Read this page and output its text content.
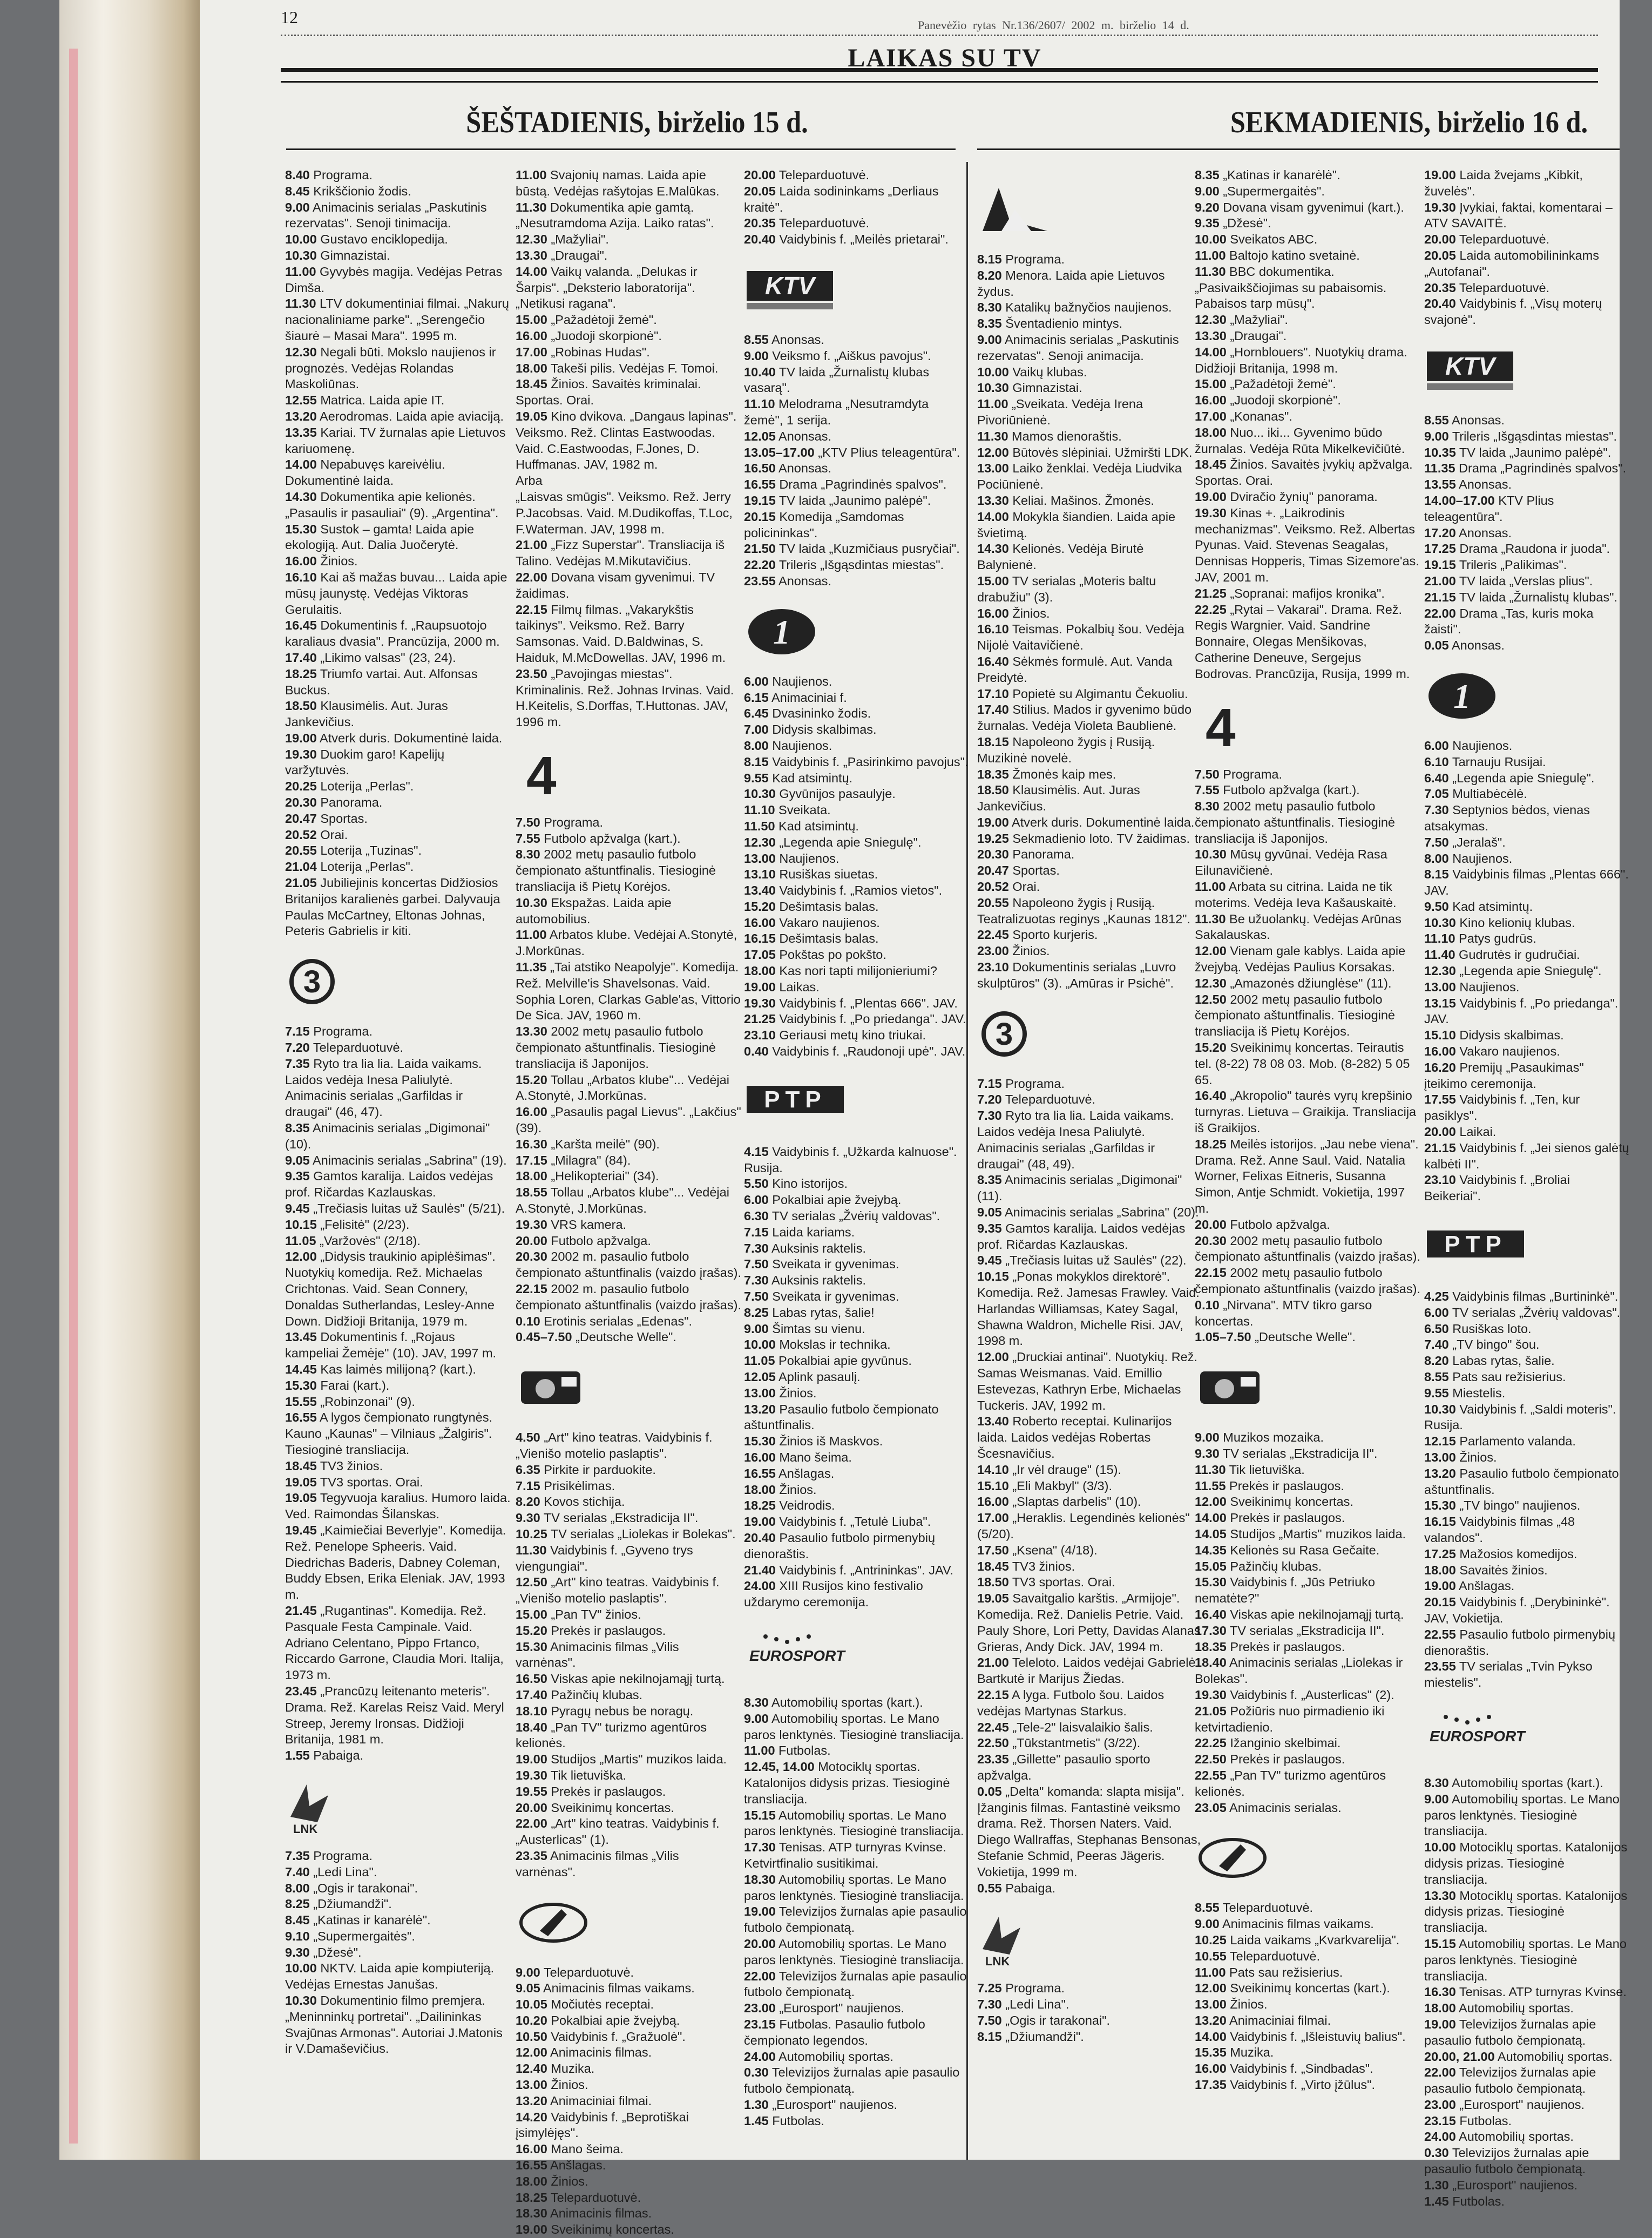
12	Panevėžio rytas Nr.136/2607/ 2002 m. birželio 14 d.
LAIKAS SU TV
ŠEŠTADIENIS, birželio 15 d.	SEKMADIENIS, birželio 16 d.

8.40 Programa.

8.45 Krikščionio žodis.

9.00 Animacinis serialas „Paskutinis rezervatas". Senoji tinimacija.

10.00 Gustavo enciklopedija.

10.30 Gimnazistai.

11.00 Gyvybės magija. Vedėjas Petras Dimša.

11.30 LTV dokumentiniai filmai. „Nakurų nacionaliniame parke". „Serengečio šiaurė – Masai Mara". 1995 m.

12.30 Negali būti. Mokslo naujienos ir prognozės. Vedėjas Rolandas Maskoliūnas.

12.55 Matrica. Laida apie IT.

13.20 Aerodromas. Laida apie aviaciją.

13.35 Kariai. TV žurnalas apie Lietuvos kariuomenę.

14.00 Nepabuvęs kareivėliu. Dokumentinė laida.

14.30 Dokumentika apie kelionės. „Pasaulis ir pasauliai" (9). „Argentina".

15.30 Sustok – gamta! Laida apie ekologiją. Aut. Dalia Juočerytė.

16.00 Žinios.

16.10 Kai aš mažas buvau... Laida apie mūsų jaunystę. Vedėjas Viktoras Gerulaitis.

16.45 Dokumentinis f. „Raupsuotojo karaliaus dvasia". Prancūzija, 2000 m.

17.40 „Likimo valsas" (23, 24).

18.25 Triumfo vartai. Aut. Alfonsas Buckus.

18.50 Klausimėlis. Aut. Juras Jankevičius.

19.00 Atverk duris. Dokumentinė laida.

19.30 Duokim garo! Kapelijų varžytuvės.

20.25 Loterija „Perlas".

20.30 Panorama.

20.47 Sportas.

20.52 Orai.

20.55 Loterija „Tuzinas".

21.04 Loterija „Perlas".

21.05 Jubiliejinis koncertas Didžiosios Britanijos karalienės garbei. Dalyvauja Paulas McCartney, Eltonas Johnas, Peteris Gabrielis ir kiti.

3

7.15 Programa.

7.20 Teleparduotuvė.

7.35 Ryto tra lia lia. Laida vaikams. Laidos vedėja Inesa Paliulytė. Animacinis serialas „Garfildas ir draugai" (46, 47).

8.35 Animacinis serialas „Digimonai" (10).

9.05 Animacinis serialas „Sabrina" (19).

9.35 Gamtos karalija. Laidos vedėjas prof. Ričardas Kazlauskas.

9.45 „Trečiasis luitas už Saulės" (5/21).

10.15 „Felisitė" (2/23).

11.05 „Varžovės" (2/18).

12.00 „Didysis traukinio apiplėšimas". Nuotykių komedija. Rež. Michaelas Crichtonas. Vaid. Sean Connery, Donaldas Sutherlandas, Lesley-Anne Down. Didžioji Britanija, 1979 m.

13.45 Dokumentinis f. „Rojaus kampeliai Žemėje" (10). JAV, 1997 m.

14.45 Kas laimės milijoną? (kart.).

15.30 Farai (kart.).

15.55 „Robinzonai" (9).

16.55 A lygos čempionato rungtynės. Kauno „Kaunas" – Vilniaus „Žalgiris". Tiesioginė transliacija.

18.45 TV3 žinios.

19.05 TV3 sportas. Orai.

19.05 Tegyvuoja karalius. Humoro laida. Ved. Raimondas Šilanskas.

19.45 „Kaimiečiai Beverlyje". Komedija. Rež. Penelope Spheeris. Vaid. Diedrichas Baderis, Dabney Coleman, Buddy Ebsen, Erika Eleniak. JAV, 1993 m.

21.45 „Rugantinas". Komedija. Rež. Pasquale Festa Campinale. Vaid. Adriano Celentano, Pippo Frtanco, Riccardo Garrone, Claudia Mori. Italija, 1973 m.

23.45 „Prancūzų leitenanto meteris". Drama. Rež. Karelas Reisz Vaid. Meryl Streep, Jeremy Ironsas. Didžioji Britanija, 1981 m.

1.55 Pabaiga.

LNK

7.35 Programa.

7.40 „Ledi Lina".

8.00 „Ogis ir tarakonai".

8.25 „Džiumandži".

8.45 „Katinas ir kanarėlė".

9.10 „Supermergaitės".

9.30 „Džesė".

10.00 NKTV. Laida apie kompiuteriją. Vedėjas Ernestas Janušas.

10.30 Dokumentinio filmo premjera. „Meninninkų portretai". „Dailininkas Svajūnas Armonas". Autoriai J.Matonis ir V.Damaševičius.

11.00 Svajonių namas. Laida apie būstą. Vedėjas rašytojas E.Malūkas.

11.30 Dokumentika apie gamtą. „Nesutramdoma Azija. Laiko ratas".

12.30 „Mažyliai".

13.30 „Draugai".

14.00 Vaikų valanda. „Delukas ir Šarpis". „Deksterio laboratorija". „Netikusi ragana".

15.00 „Pažadėtoji žemė".

16.00 „Juodoji skorpionė".

17.00 „Robinas Hudas".

18.00 Takeši pilis. Vedėjas F. Tomoi.

18.45 Žinios. Savaitės kriminalai. Sportas. Orai.

19.05 Kino dvikova. „Dangaus lapinas". Veiksmo. Rež. Clintas Eastwoodas. Vaid. C.Eastwoodas, F.Jones, D. Huffmanas. JAV, 1982 m.

Arba

„Laisvas smūgis". Veiksmo. Rež. Jerry P.Jacobsas. Vaid. M.Dudikoffas, T.Loc, F.Waterman. JAV, 1998 m.

21.00 „Fizz Superstar". Transliacija iš Talino. Vedėjas M.Mikutavičius.

22.00 Dovana visam gyvenimui. TV žaidimas.

22.15 Filmų filmas. „Vakarykštis taikinys". Veiksmo. Rež. Barry Samsonas. Vaid. D.Baldwinas, S. Haiduk, M.McDowellas. JAV, 1996 m.

23.50 „Pavojingas miestas". Kriminalinis. Rež. Johnas Irvinas. Vaid. H.Keitelis, S.Dorffas, T.Huttonas. JAV, 1996 m.

4

7.50 Programa.

7.55 Futbolo apžvalga (kart.).

8.30 2002 metų pasaulio futbolo čempionato aštuntfinalis. Tiesioginė transliacija iš Pietų Korėjos.

10.30 Ekspažas. Laida apie automobilius.

11.00 Arbatos klube. Vedėjai A.Stonytė, J.Morkūnas.

11.35 „Tai atstiko Neapolyje". Komedija. Rež. Melville'is Shavelsonas. Vaid. Sophia Loren, Clarkas Gable'as, Vittorio De Sica. JAV, 1960 m.

13.30 2002 metų pasaulio futbolo čempionato aštuntfinalis. Tiesioginė transliacija iš Japonijos.

15.20 Tollau „Arbatos klube"... Vedėjai A.Stonytė, J.Morkūnas.

16.00 „Pasaulis pagal Lievus". „Lakčius" (39).

16.30 „Karšta meilė" (90).

17.15 „Milagra" (84).

18.00 „Helikopteriai" (34).

18.55 Tollau „Arbatos klube"... Vedėjai A.Stonytė, J.Morkūnas.

19.30 VRS kamera.

20.00 Futbolo apžvalga.

20.30 2002 m. pasaulio futbolo čempionato aštuntfinalis (vaizdo įrašas).

22.15 2002 m. pasaulio futbolo čempionato aštuntfinalis (vaizdo įrašas).

0.10 Erotinis serialas „Edenas".

0.45–7.50 „Deutsche Welle".

4.50 „Art" kino teatras. Vaidybinis f. „Vienišo motelio paslaptis".

6.35 Pirkite ir parduokite.

7.15 Prisikėlimas.

8.20 Kovos stichija.

9.30 TV serialas „Ekstradicija II".

10.25 TV serialas „Liolekas ir Bolekas".

11.30 Vaidybinis f. „Gyveno trys viengungiai".

12.50 „Art" kino teatras. Vaidybinis f. „Vienišo motelio paslaptis".

15.00 „Pan TV" žinios.

15.20 Prekės ir paslaugos.

15.30 Animacinis filmas „Vilis varnėnas".

16.50 Viskas apie nekilnojamąjį turtą.

17.40 Pažinčių klubas.

18.10 Pyragų nebus be noragų.

18.40 „Pan TV" turizmo agentūros kelionės.

19.00 Studijos „Martis" muzikos laida.

19.30 Tik lietuviška.

19.55 Prekės ir paslaugos.

20.00 Sveikinimų koncertas.

22.00 „Art" kino teatras. Vaidybinis f. „Austerlicas" (1).

23.35 Animacinis filmas „Vilis varnėnas".

9.00 Teleparduotuvė.

9.05 Animacinis filmas vaikams.

10.05 Močiutės receptai.

10.20 Pokalbiai apie žvejybą.

10.50 Vaidybinis f. „Gražuolė".

12.00 Animacinis filmas.

12.40 Muzika.

13.00 Žinios.

13.20 Animaciniai filmai.

14.20 Vaidybinis f. „Beprotiškai įsimylėjęs".

16.00 Mano šeima.

16.55 Anšlagas.

18.00 Žinios.

18.25 Teleparduotuvė.

18.30 Animacinis filmas.

19.00 Sveikinimų koncertas.

20.00 Teleparduotuvė.

20.05 Laida sodininkams „Derliaus kraitė".

20.35 Teleparduotuvė.

20.40 Vaidybinis f. „Meilės prietarai".

KTV

8.55 Anonsas.

9.00 Veiksmo f. „Aiškus pavojus".

10.40 TV laida „Žurnalistų klubas vasarą".

11.10 Melodrama „Nesutramdyta žemė", 1 serija.

12.05 Anonsas.

13.05–17.00 „KTV Plius teleagentūra".

16.50 Anonsas.

16.55 Drama „Pagrindinės spalvos".

19.15 TV laida „Jaunimo palėpė".

20.15 Komedija „Samdomas policininkas".

21.50 TV laida „Kuzmičiaus pusryčiai".

22.20 Trileris „Išgąsdintas miestas".

23.55 Anonsas.

1

6.00 Naujienos.

6.15 Animaciniai f.

6.45 Dvasininko žodis.

7.00 Didysis skalbimas.

8.00 Naujienos.

8.15 Vaidybinis f. „Pasirinkimo pavojus".

9.55 Kad atsimintų.

10.30 Gyvūnijos pasaulyje.

11.10 Sveikata.

11.50 Kad atsimintų.

12.30 „Legenda apie Sniegulę".

13.00 Naujienos.

13.10 Rusiškas siuetas.

13.40 Vaidybinis f. „Ramios vietos".

15.20 Dešimtasis balas.

16.00 Vakaro naujienos.

16.15 Dešimtasis balas.

17.05 Pokštas po pokšto.

18.00 Kas nori tapti milijonieriumi?

19.00 Laikas.

19.30 Vaidybinis f. „Plentas 666". JAV.

21.25 Vaidybinis f. „Po priedanga". JAV.

23.10 Geriausi metų kino triukai.

0.40 Vaidybinis f. „Raudonoji upė". JAV.

PTP

4.15 Vaidybinis f. „Užkarda kalnuose". Rusija.

5.50 Kino istorijos.

6.00 Pokalbiai apie žvejybą.

6.30 TV serialas „Žvėrių valdovas".

7.15 Laida kariams.

7.30 Auksinis raktelis.

7.50 Sveikata ir gyvenimas.

7.30 Auksinis raktelis.

7.50 Sveikata ir gyvenimas.

8.25 Labas rytas, šalie!

9.00 Šimtas su vienu.

10.00 Mokslas ir technika.

11.05 Pokalbiai apie gyvūnus.

12.05 Aplink pasaulį.

13.00 Žinios.

13.20 Pasaulio futbolo čempionato aštuntfinalis.

15.30 Žinios iš Maskvos.

16.00 Mano šeima.

16.55 Anšlagas.

18.00 Žinios.

18.25 Veidrodis.

19.00 Vaidybinis f. „Tetulė Liuba".

20.40 Pasaulio futbolo pirmenybių dienoraštis.

21.40 Vaidybinis f. „Antrininkas". JAV.

24.00 XIII Rusijos kino festivalio uždarymo ceremonija.

EUROSPORT

8.30 Automobilių sportas (kart.).

9.00 Automobilių sportas. Le Mano paros lenktynės. Tiesioginė transliacija.

11.00 Futbolas.

12.45, 14.00 Motociklų sportas. Katalonijos didysis prizas. Tiesioginė transliacija.

15.15 Automobilių sportas. Le Mano paros lenktynės. Tiesioginė transliacija.

17.30 Tenisas. ATP turnyras Kvinse. Ketvirtfinalio susitikimai.

18.30 Automobilių sportas. Le Mano paros lenktynės. Tiesioginė transliacija.

19.00 Televizijos žurnalas apie pasaulio futbolo čempionatą.

20.00 Automobilių sportas. Le Mano paros lenktynės. Tiesioginė transliacija.

22.00 Televizijos žurnalas apie pasaulio futbolo čempionatą.

23.00 „Eurosport" naujienos.

23.15 Futbolas. Pasaulio futbolo čempionato legendos.

24.00 Automobilių sportas.

0.30 Televizijos žurnalas apie pasaulio futbolo čempionatą.

1.30 „Eurosport" naujienos.

1.45 Futbolas.

8.15 Programa.

8.20 Menora. Laida apie Lietuvos žydus.

8.30 Katalikų bažnyčios naujienos.

8.35 Šventadienio mintys.

9.00 Animacinis serialas „Paskutinis rezervatas". Senoji animacija.

10.00 Vaikų klubas.

10.30 Gimnazistai.

11.00 „Sveikata. Vedėja Irena Pivoriūnienė.

11.30 Mamos dienoraštis.

12.00 Būtovės slėpiniai. Užmiršti LDK.

13.00 Laiko ženklai. Vedėja Liudvika Pociūnienė.

13.30 Keliai. Mašinos. Žmonės.

14.00 Mokykla šiandien. Laida apie švietimą.

14.30 Kelionės. Vedėja Birutė Balynienė.

15.00 TV serialas „Moteris baltu drabužiu" (3).

16.00 Žinios.

16.10 Teismas. Pokalbių šou. Vedėja Nijolė Vaitavičienė.

16.40 Sėkmės formulė. Aut. Vanda Preidytė.

17.10 Popietė su Algimantu Čekuoliu.

17.40 Stilius. Mados ir gyvenimo būdo žurnalas. Vedėja Violeta Baublienė.

18.15 Napoleono žygis į Rusiją. Muzikinė novelė.

18.35 Žmonės kaip mes.

18.50 Klausimėlis. Aut. Juras Jankevičius.

19.00 Atverk duris. Dokumentinė laida.

19.25 Sekmadienio loto. TV žaidimas.

20.30 Panorama.

20.47 Sportas.

20.52 Orai.

20.55 Napoleono žygis į Rusiją. Teatralizuotas reginys „Kaunas 1812".

22.45 Sporto kurjeris.

23.00 Žinios.

23.10 Dokumentinis serialas „Luvro skulptūros" (3). „Amūras ir Psichė".

3

7.15 Programa.

7.20 Teleparduotuvė.

7.30 Ryto tra lia lia. Laida vaikams. Laidos vedėja Inesa Paliulytė. Animacinis serialas „Garfildas ir draugai" (48, 49).

8.35 Animacinis serialas „Digimonai" (11).

9.05 Animacinis serialas „Sabrina" (20).

9.35 Gamtos karalija. Laidos vedėjas prof. Ričardas Kazlauskas.

9.45 „Trečiasis luitas už Saulės" (22).

10.15 „Ponas mokyklos direktorė". Komedija. Rež. Jamesas Frawley. Vaid. Harlandas Williamsas, Katey Sagal, Shawna Waldron, Michelle Risi. JAV, 1998 m.

12.00 „Druckiai antinai". Nuotykių. Rež. Samas Weismanas. Vaid. Emillio Estevezas, Kathryn Erbe, Michaelas Tuckeris. JAV, 1992 m.

13.40 Roberto receptai. Kulinarijos laida. Laidos vedėjas Robertas Šcesnavičius.

14.10 „Ir vėl drauge" (15).

15.10 „Eli Makbyl" (3/3).

16.00 „Slaptas darbelis" (10).

17.00 „Heraklis. Legendinės kelionės" (5/20).

17.50 „Ksena" (4/18).

18.45 TV3 žinios.

18.50 TV3 sportas. Orai.

19.05 Savaitgalio karštis. „Armijoje". Komedija. Rež. Danielis Petrie. Vaid. Pauly Shore, Lori Petty, Davidas Alanas Grieras, Andy Dick. JAV, 1994 m.

21.00 Teleloto. Laidos vedėjai Gabrielė Bartkutė ir Marijus Žiedas.

22.15 A lyga. Futbolo šou. Laidos vedėjas Martynas Starkus.

22.45 „Tele-2" laisvalaikio šalis.

22.50 „Tūkstantmetis" (3/22).

23.35 „Gillette" pasaulio sporto apžvalga.

0.05 „Delta" komanda: slapta misija". Įžanginis filmas. Fantastinė veiksmo drama. Rež. Thorsen Naters. Vaid. Diego Wallraffas, Stephanas Bensonas, Stefanie Schmid, Peeras Jägeris. Vokietija, 1999 m.

0.55 Pabaiga.

LNK

7.25 Programa.

7.30 „Ledi Lina".

7.50 „Ogis ir tarakonai".

8.15 „Džiumandži".

8.35 „Katinas ir kanarėlė".

9.00 „Supermergaitės".

9.20 Dovana visam gyvenimui (kart.).

9.35 „Džesė".

10.00 Sveikatos ABC.

11.00 Baltojo katino svetainė.

11.30 BBC dokumentika. „Pasivaikščiojimas su pabaisomis. Pabaisos tarp mūsų".

12.30 „Mažyliai".

13.30 „Draugai".

14.00 „Hornblouers". Nuotykių drama. Didžioji Britanija, 1998 m.

15.00 „Pažadėtoji žemė".

16.00 „Juodoji skorpionė".

17.00 „Konanas".

18.00 Nuo... iki... Gyvenimo būdo žurnalas. Vedėja Rūta Mikelkevičiūtė.

18.45 Žinios. Savaitės įvykių apžvalga. Sportas. Orai.

19.00 Dviračio žynių" panorama.

19.30 Kinas +. „Laikrodinis mechanizmas". Veiksmo. Rež. Albertas Pyunas. Vaid. Stevenas Seagalas, Dennisas Hopperis, Timas Sizemore'as. JAV, 2001 m.

21.25 „Sopranai: mafijos kronika".

22.25 „Rytai – Vakarai". Drama. Rež. Regis Wargnier. Vaid. Sandrine Bonnaire, Olegas Menšikovas, Catherine Deneuve, Sergejus Bodrovas. Prancūzija, Rusija, 1999 m.

4

7.50 Programa.

7.55 Futbolo apžvalga (kart.).

8.30 2002 metų pasaulio futbolo čempionato aštuntfinalis. Tiesioginė transliacija iš Japonijos.

10.30 Mūsų gyvūnai. Vedėja Rasa Eilunavičienė.

11.00 Arbata su citrina. Laida ne tik moterims. Vedėja Ieva Kašauskaitė.

11.30 Be užuolankų. Vedėjas Arūnas Sakalauskas.

12.00 Vienam gale kablys. Laida apie žvejybą. Vedėjas Paulius Korsakas.

12.30 „Amazonės džiunglėse" (11).

12.50 2002 metų pasaulio futbolo čempionato aštuntfinalis. Tiesioginė transliacija iš Pietų Korėjos.

15.20 Sveikinimų koncertas. Teirautis tel. (8-22) 78 08 03. Mob. (8-282) 5 05 65.

16.40 „Akropolio" taurės vyrų krepšinio turnyras. Lietuva – Graikija. Transliacija iš Graikijos.

18.25 Meilės istorijos. „Jau nebe viena". Drama. Rež. Anne Saul. Vaid. Natalia Worner, Felixas Eitneris, Susanna Simon, Antje Schmidt. Vokietija, 1997 m.

20.00 Futbolo apžvalga.

20.30 2002 metų pasaulio futbolo čempionato aštuntfinalis (vaizdo įrašas).

22.15 2002 metų pasaulio futbolo čempionato aštuntfinalis (vaizdo įrašas).

0.10 „Nirvana". MTV tikro garso koncertas.

1.05–7.50 „Deutsche Welle".

9.00 Muzikos mozaika.

9.30 TV serialas „Ekstradicija II".

11.30 Tik lietuviška.

11.55 Prekės ir paslaugos.

12.00 Sveikinimų koncertas.

14.00 Prekės ir paslaugos.

14.05 Studijos „Martis" muzikos laida.

14.35 Kelionės su Rasa Gečaite.

15.05 Pažinčių klubas.

15.30 Vaidybinis f. „Jūs Petriuko nematėte?"

16.40 Viskas apie nekilnojamąjį turtą.

17.30 TV serialas „Ekstradicija II".

18.35 Prekės ir paslaugos.

18.40 Animacinis serialas „Liolekas ir Bolekas".

19.30 Vaidybinis f. „Austerlicas" (2).

21.05 Požiūris nuo pirmadienio iki ketvirtadienio.

22.25 Ižanginio skelbimai.

22.50 Prekės ir paslaugos.

22.55 „Pan TV" turizmo agentūros kelionės.

23.05 Animacinis serialas.

8.55 Teleparduotuvė.

9.00 Animacinis filmas vaikams.

10.25 Laida vaikams „Kvarkvarelija".

10.55 Teleparduotuvė.

11.00 Pats sau režisierius.

12.00 Sveikinimų koncertas (kart.).

13.00 Žinios.

13.20 Animaciniai filmai.

14.00 Vaidybinis f. „Išleistuvių balius".

15.35 Muzika.

16.00 Vaidybinis f. „Sindbadas".

17.35 Vaidybinis f. „Virto įžūlus".

19.00 Laida žvejams „Kibkit, žuvelės".

19.30 Įvykiai, faktai, komentarai – ATV SAVAITĖ.

20.00 Teleparduotuvė.

20.05 Laida automobilininkams „Autofanai".

20.35 Teleparduotuvė.

20.40 Vaidybinis f. „Visų moterų svajonė".

KTV

8.55 Anonsas.

9.00 Trileris „Išgąsdintas miestas".

10.35 TV laida „Jaunimo palėpė".

11.35 Drama „Pagrindinės spalvos".

13.55 Anonsas.

14.00–17.00 KTV Plius teleagentūra".

17.20 Anonsas.

17.25 Drama „Raudona ir juoda".

19.15 Trileris „Palikimas".

21.00 TV laida „Verslas plius".

21.15 TV laida „Žurnalistų klubas".

22.00 Drama „Tas, kuris moka žaisti".

0.05 Anonsas.

1

6.00 Naujienos.

6.10 Tarnauju Rusijai.

6.40 „Legenda apie Sniegulę".

7.05 Multiabėcėlė.

7.30 Septynios bėdos, vienas atsakymas.

7.50 „Jeralaš".

8.00 Naujienos.

8.15 Vaidybinis filmas „Plentas 666". JAV.

9.50 Kad atsimintų.

10.30 Kino kelionių klubas.

11.10 Patys gudrūs.

11.40 Gudrutės ir gudručiai.

12.30 „Legenda apie Sniegulę".

13.00 Naujienos.

13.15 Vaidybinis f. „Po priedanga". JAV.

15.10 Didysis skalbimas.

16.00 Vakaro naujienos.

16.20 Premijų „Pasaukimas" įteikimo ceremonija.

17.55 Vaidybinis f. „Ten, kur pasiklys".

20.00 Laikai.

21.15 Vaidybinis f. „Jei sienos galėtų kalbėti II".

23.10 Vaidybinis f. „Broliai Beikeriai".

PTP

4.25 Vaidybinis filmas „Burtininkė".

6.00 TV serialas „Žvėrių valdovas".

6.50 Rusiškas loto.

7.40 „TV bingo" šou.

8.20 Labas rytas, šalie.

8.55 Pats sau režisierius.

9.55 Miestelis.

10.30 Vaidybinis f. „Saldi moteris". Rusija.

12.15 Parlamento valanda.

13.00 Žinios.

13.20 Pasaulio futbolo čempionato aštuntfinalis.

15.30 „TV bingo" naujienos.

16.15 Vaidybinis filmas „48 valandos".

17.25 Mažosios komedijos.

18.00 Savaitės žinios.

19.00 Anšlagas.

20.15 Vaidybinis f. „Derybininkė". JAV, Vokietija.

22.55 Pasaulio futbolo pirmenybių dienoraštis.

23.55 TV serialas „Tvin Pyksо miestelis".

EUROSPORT

8.30 Automobilių sportas (kart.).

9.00 Automobilių sportas. Le Mano paros lenktynės. Tiesioginė transliacija.

10.00 Motociklų sportas. Katalonijos didysis prizas. Tiesioginė transliacija.

13.30 Motociklų sportas. Katalonijos didysis prizas. Tiesioginė transliacija.

15.15 Automobilių sportas. Le Mano paros lenktynės. Tiesioginė transliacija.

16.30 Tenisas. ATP turnyras Kvinse.

18.00 Automobilių sportas.

19.00 Televizijos žurnalas apie pasaulio futbolo čempionatą.

20.00, 21.00 Automobilių sportas.

22.00 Televizijos žurnalas apie pasaulio futbolo čempionatą.

23.00 „Eurosport" naujienos.

23.15 Futbolas.

24.00 Automobilių sportas.

0.30 Televizijos žurnalas apie pasaulio futbolo čempionatą.

1.30 „Eurosport" naujienos.

1.45 Futbolas.
